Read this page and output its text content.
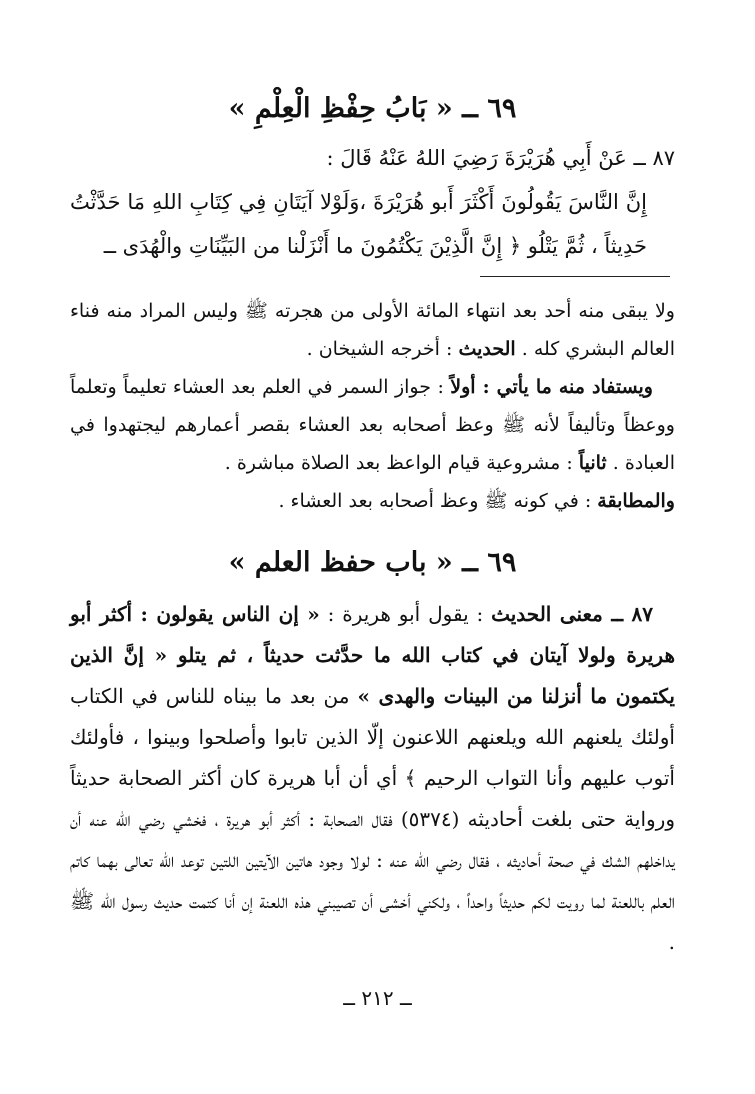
٦٩ ــ « بَابُ حِفْظِ الْعِلْمِ »

٨٧ ــ عَنْ أَبِي هُرَيْرَةَ رَضِيَ اللهُ عَنْهُ قَالَ :
إِنَّ النَّاسَ يَقُولُونَ أَكْثَرَ أَبو هُرَيْرَةَ ،وَلَوْلا آيَتَانِ فِي كِتَابِ اللهِ مَا حَدَّثْتُ حَدِيثاً ، ثُمَّ يَتْلُو ﴿ إِنَّ الَّذِيْنَ يَكْتُمُونَ ما أَنْزَلْنا من البَيِّنَاتِ والْهُدَى ــ

ولا يبقى منه أحد بعد انتهاء المائة الأولى من هجرته ﷺ وليس المراد منه فناء العالم البشري كله . الحديث : أخرجه الشيخان .

ويستفاد منه ما يأتي : أولاً : جواز السمر في العلم بعد العشاء تعليماً وتعلماً ووعظاً وتأليفاً لأنه ﷺ وعظ أصحابه بعد العشاء بقصر أعمارهم ليجتهدوا في العبادة . ثانياً : مشروعية قيام الواعظ بعد الصلاة مباشرة .

والمطابقة : في كونه ﷺ وعظ أصحابه بعد العشاء .

٦٩ ــ « باب حفظ العلم »

٨٧ ــ معنى الحديث : يقول أبو هريرة : « إن الناس يقولون : أكثر أبو هريرة ولولا آيتان في كتاب الله ما حدَّثت حديثاً ، ثم يتلو « إنَّ الذين يكتمون ما أنزلنا من البينات والهدى » من بعد ما بيناه للناس في الكتاب أولئك يلعنهم الله ويلعنهم اللاعنون إلّا الذين تابوا وأصلحوا وبينوا ، فأولئك أتوب عليهم وأنا التواب الرحيم ﴾ أي أن أبا هريرة كان أكثر الصحابة حديثاً ورواية حتى بلغت أحاديثه (٥٣٧٤) فقال الصحابة : أكثر أبو هريرة ، فخشي رضي الله عنه أن يداخلهم الشك في صحة أحاديثه ، فقال رضي الله عنه : لولا وجود هاتين الآيتين اللتين توعد الله تعالى بهما كاتم العلم باللعنة لما رويت لكم حديثاً واحداً ، ولكني أخشى أن تصيبني هذه اللعنة إن أنا كتمت حديث رسول الله ﷺ .

ــ ٢١٢ ــ
